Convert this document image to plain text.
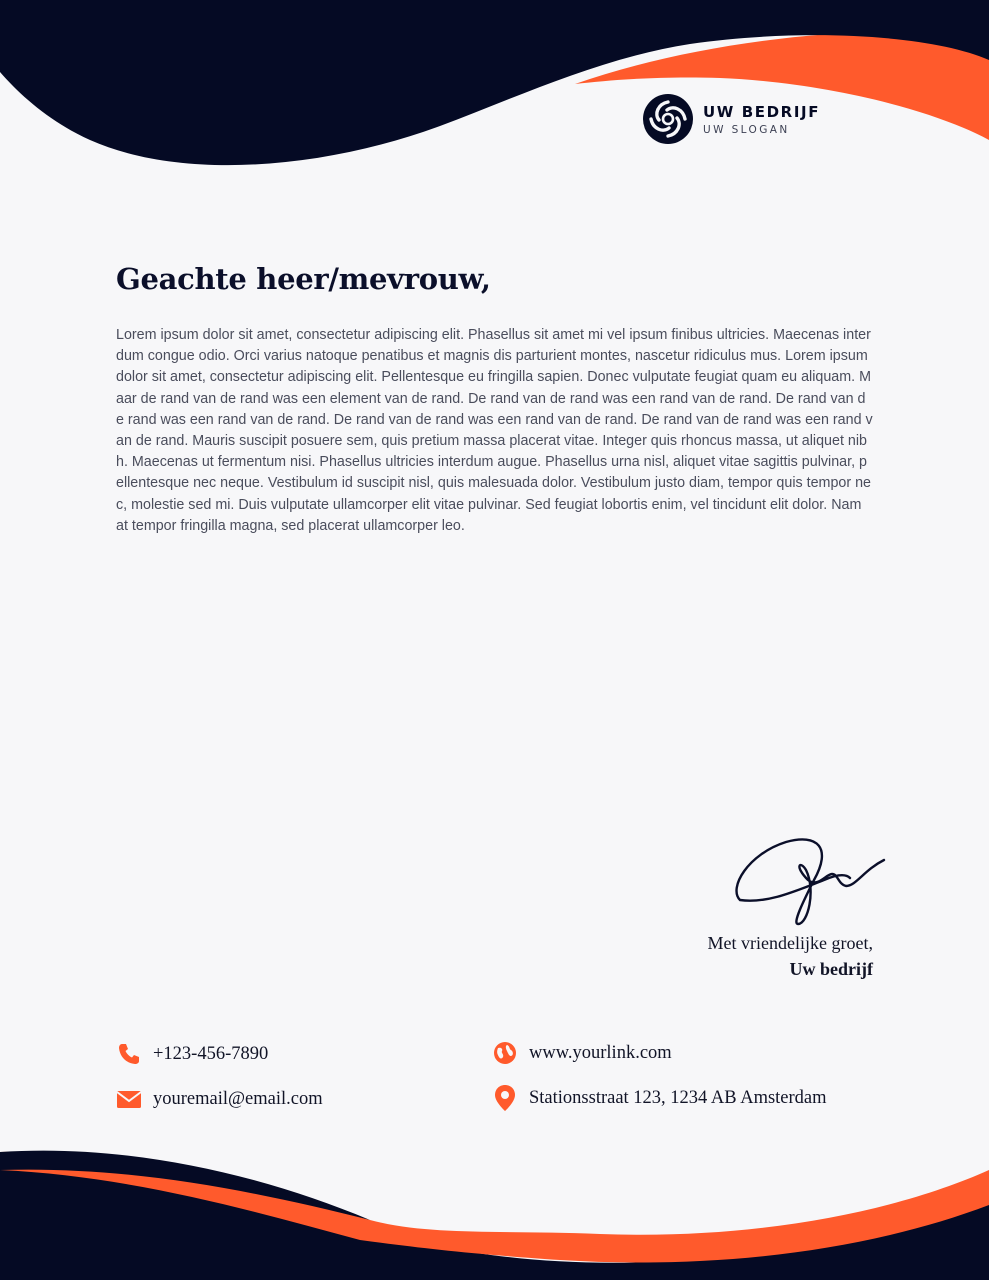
UW BEDRIJF
UW SLOGAN
Geachte heer/mevrouw,
Lorem ipsum dolor sit amet, consectetur adipiscing elit. Phasellus sit amet mi vel ipsum finibus ultricies. Maecenas interdum congue odio. Orci varius natoque penatibus et magnis dis parturient montes, nascetur ridiculus mus. Lorem ipsum dolor sit amet, consectetur adipiscing elit. Pellentesque eu fringilla sapien. Donec vulputate feugiat quam eu aliquam. Maar de rand van de rand was een element van de rand. De rand van de rand was een rand van de rand. De rand van de rand was een rand van de rand. De rand van de rand was een rand van de rand. De rand van de rand was een rand van de rand. Mauris suscipit posuere sem, quis pretium massa placerat vitae. Integer quis rhoncus massa, ut aliquet nibh. Maecenas ut fermentum nisi. Phasellus ultricies interdum augue. Phasellus urna nisl, aliquet vitae sagittis pulvinar, pellentesque nec neque. Vestibulum id suscipit nisl, quis malesuada dolor. Vestibulum justo diam, tempor quis tempor nec, molestie sed mi. Duis vulputate ullamcorper elit vitae pulvinar. Sed feugiat lobortis enim, vel tincidunt elit dolor. Nam at tempor fringilla magna, sed placerat ullamcorper leo.
Met vriendelijke groet,
Uw bedrijf
+123-456-7890
youremail@email.com
www.yourlink.com
Stationsstraat 123, 1234 AB Amsterdam
